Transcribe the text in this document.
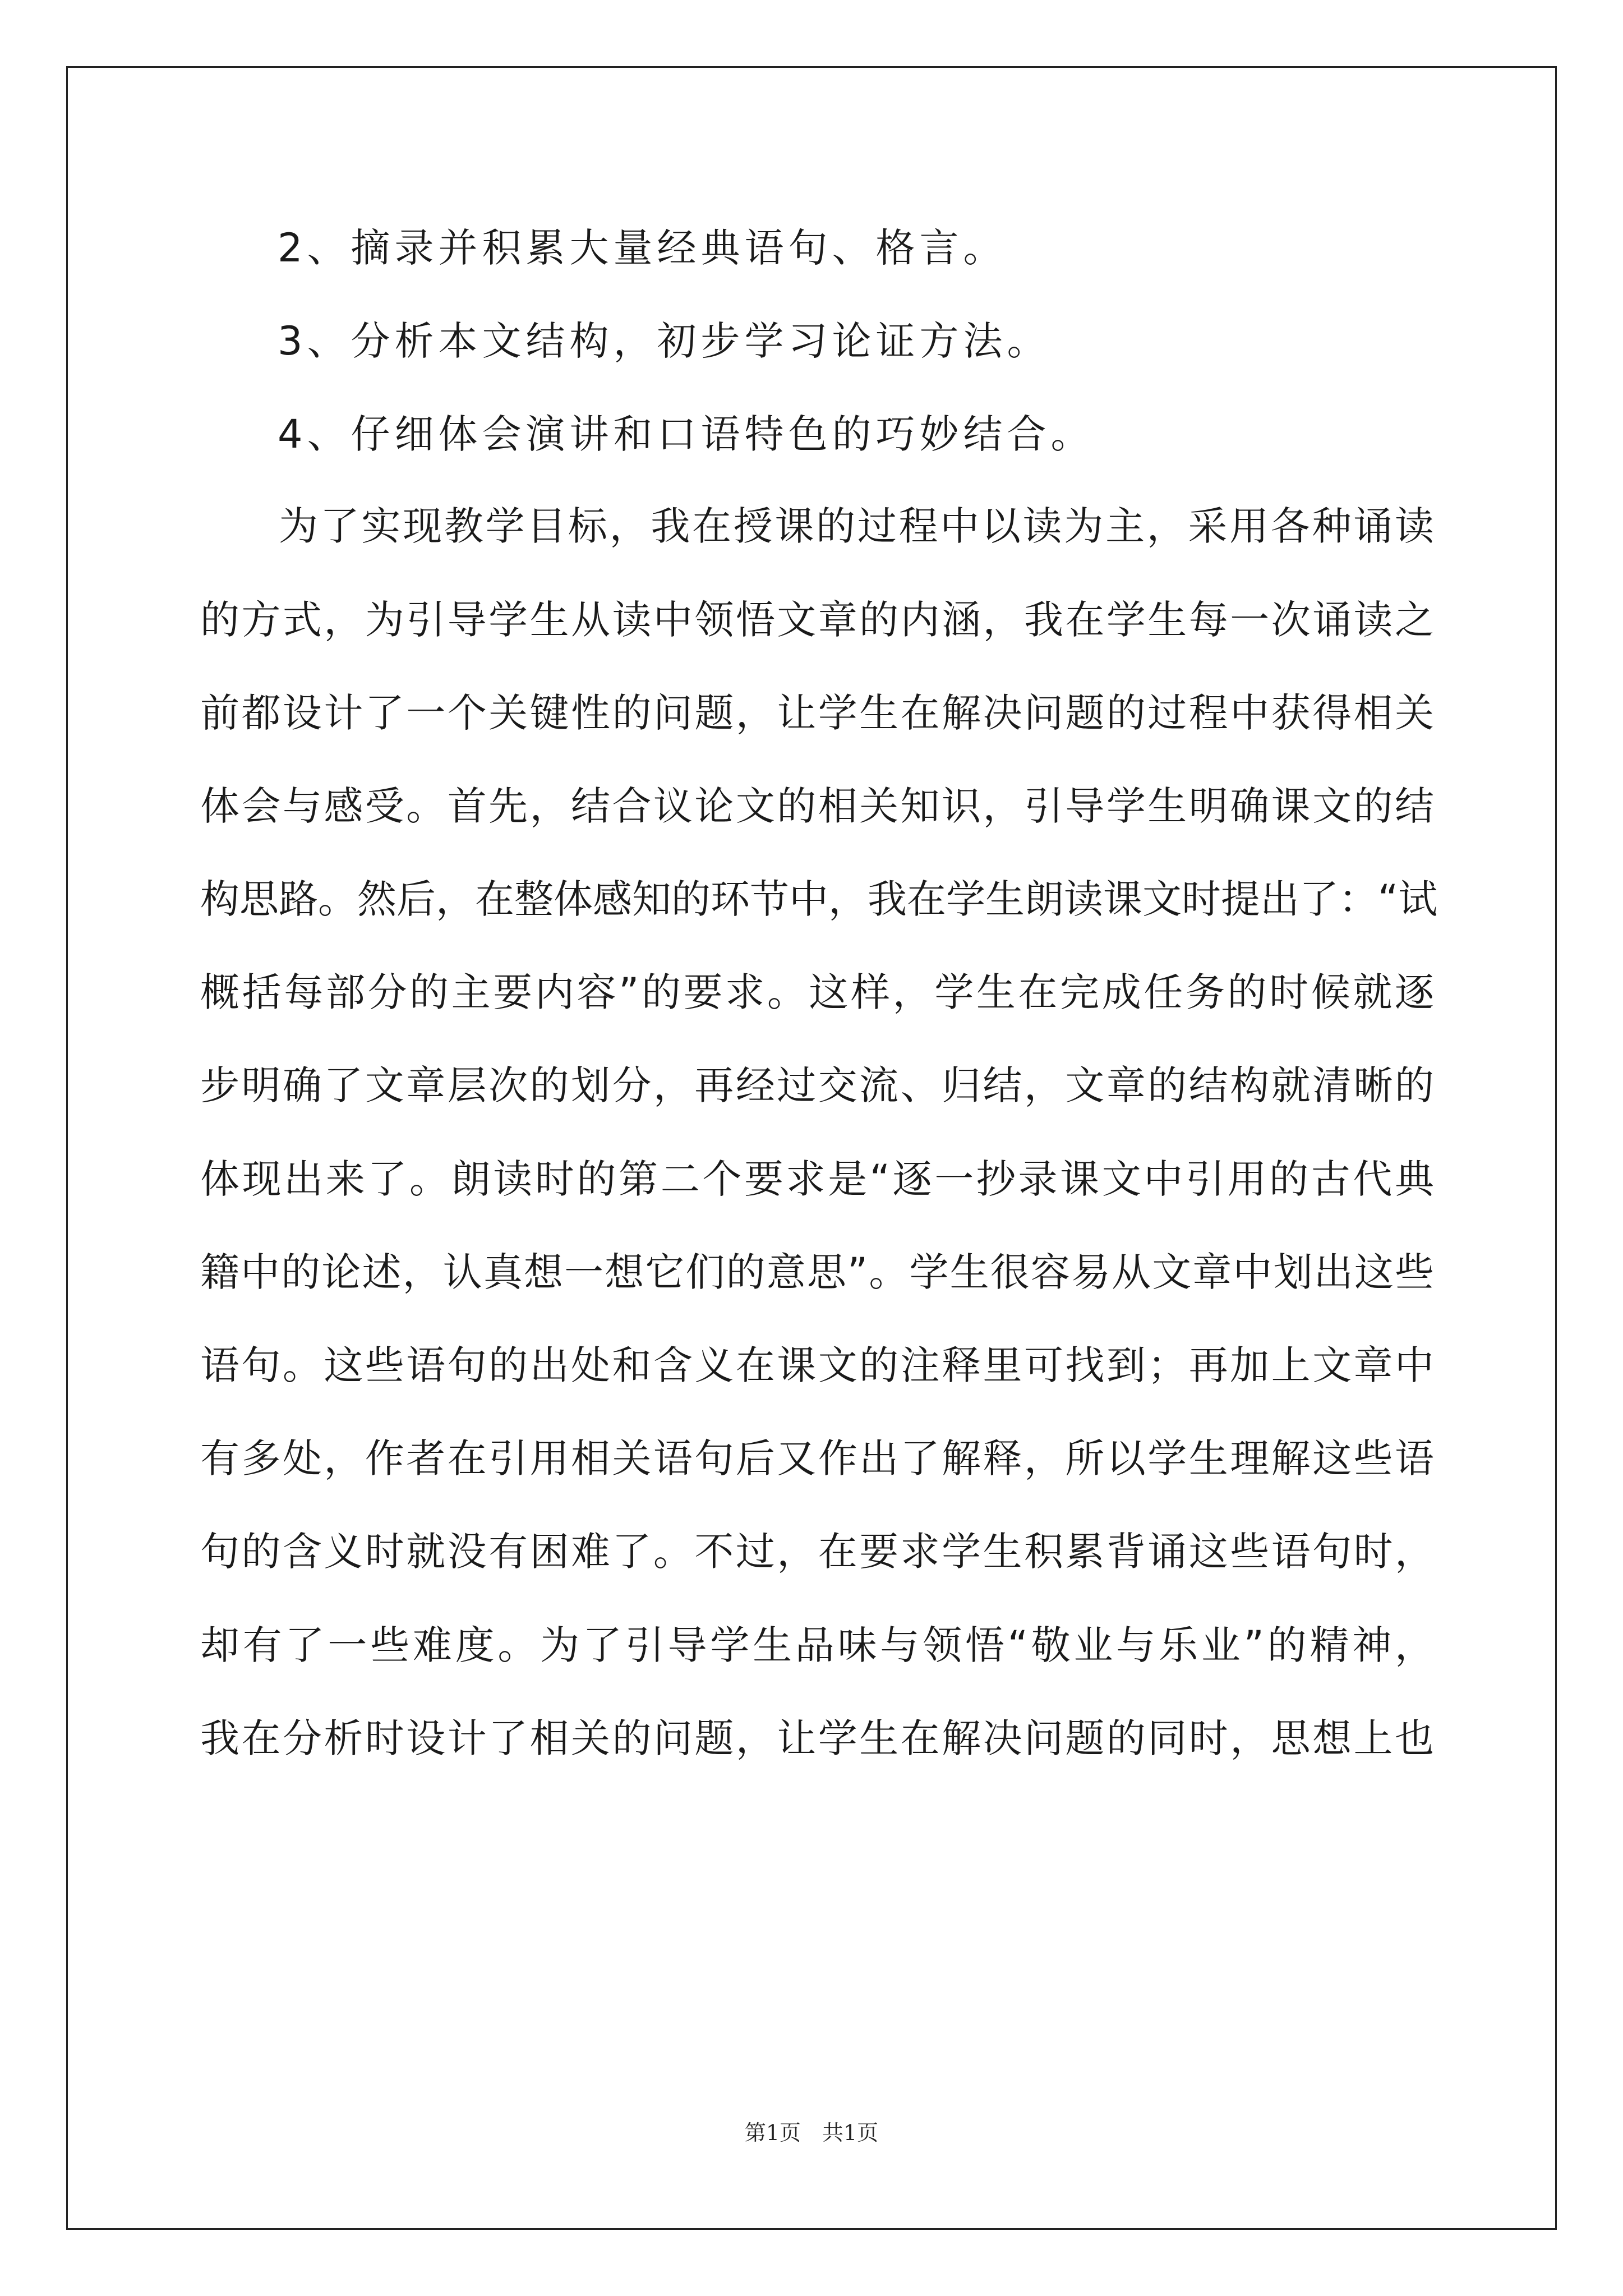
2、摘录并积累大量经典语句、格言。
3、分析本文结构，初步学习论证方法。
4、仔细体会演讲和口语特色的巧妙结合。
为了实现教学目标，我在授课的过程中以读为主，采用各种诵读
的方式，为引导学生从读中领悟文章的内涵，我在学生每一次诵读之
前都设计了一个关键性的问题，让学生在解决问题的过程中获得相关
体会与感受。首先，结合议论文的相关知识，引导学生明确课文的结
构思路。然后，在整体感知的环节中，我在学生朗读课文时提出了：“试
概括每部分的主要内容”的要求。这样，学生在完成任务的时候就逐
步明确了文章层次的划分，再经过交流、归结，文章的结构就清晰的
体现出来了。朗读时的第二个要求是“逐一抄录课文中引用的古代典
籍中的论述，认真想一想它们的意思”。学生很容易从文章中划出这些
语句。这些语句的出处和含义在课文的注释里可找到；再加上文章中
有多处，作者在引用相关语句后又作出了解释，所以学生理解这些语
句的含义时就没有困难了。不过，在要求学生积累背诵这些语句时，
却有了一些难度。为了引导学生品味与领悟“敬业与乐业”的精神，
我在分析时设计了相关的问题，让学生在解决问题的同时，思想上也
第1页　共1页
